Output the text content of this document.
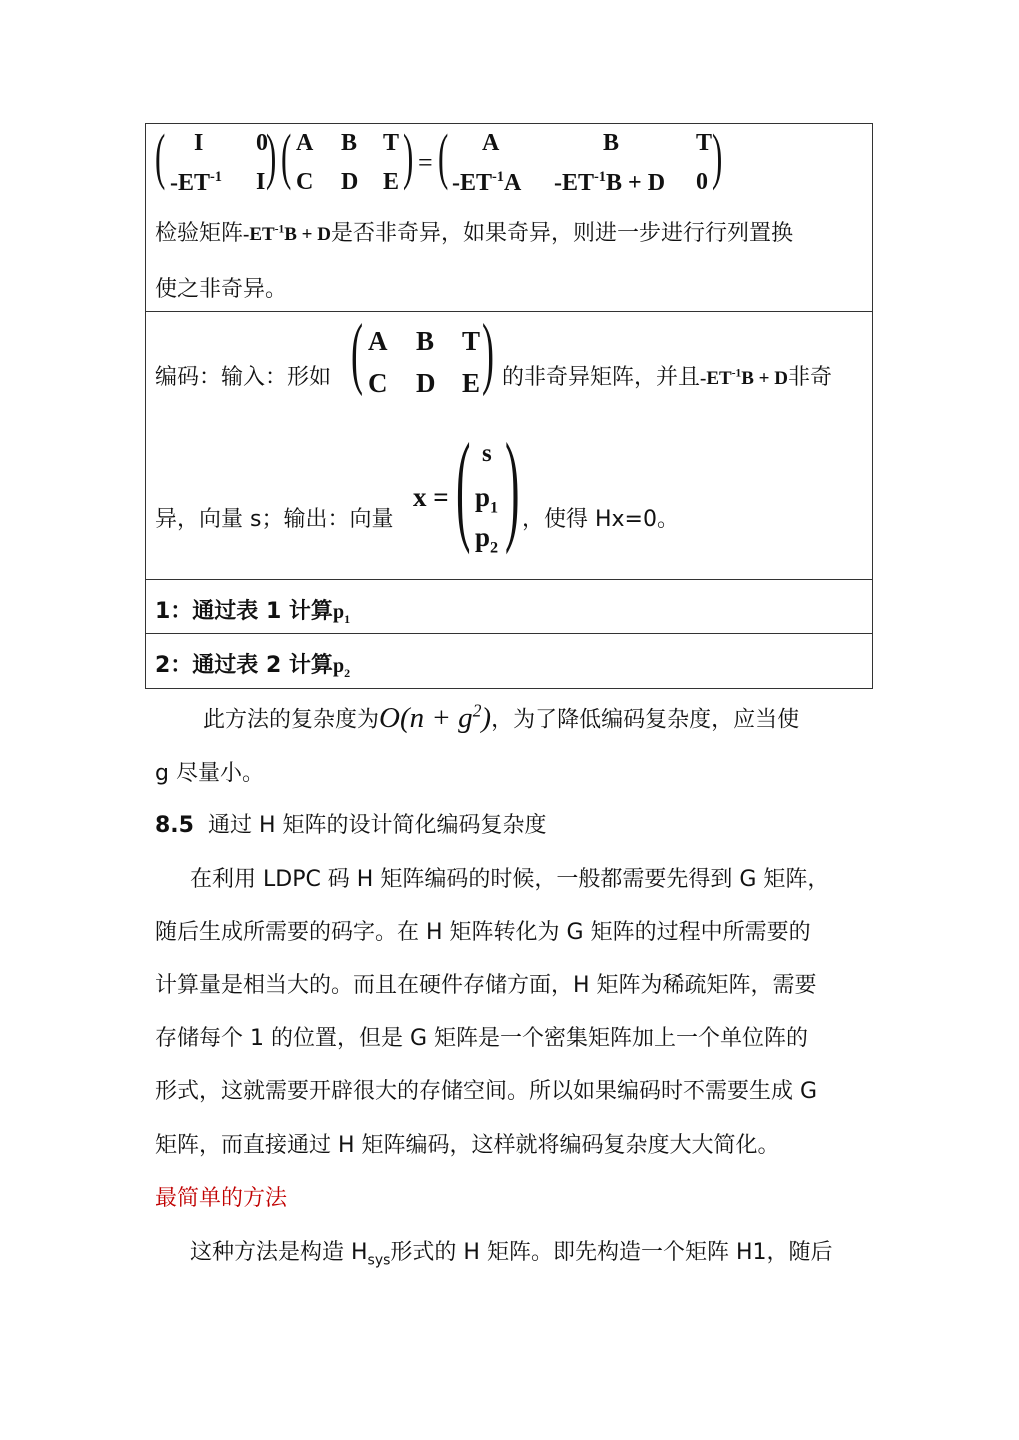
( I 0
$-ET^{-1}$ I ) ( A B T
C D E ) = ( A	B	T
$-ET^{-1}A$ $-ET^{-1}B + D$ 0 )
检验矩阵$-ET^{-1}B + D$是否非奇异，如果奇异，则进一步进行行列置换
使之非奇异。
编码：输入：形如 ( A B T
C D E ) 的非奇异矩阵，并且$-ET^{-1}B + D$非奇
异，向量 s；输出：向量
x = ( s
$p_1$
$p_2$ ) ，使得 Hx=0。
1：通过表 1 计算$p_1$
2：通过表 2 计算$p_2$
此方法的复杂度为$O(n + g^2)$，为了降低编码复杂度，应当使
g 尽量小。
8.5 通过 H 矩阵的设计简化编码复杂度
在利用 LDPC 码 H 矩阵编码的时候，一般都需要先得到 G 矩阵，
随后生成所需要的码字。在 H 矩阵转化为 G 矩阵的过程中所需要的
计算量是相当大的。而且在硬件存储方面，H 矩阵为稀疏矩阵，需要
存储每个 1 的位置，但是 G 矩阵是一个密集矩阵加上一个单位阵的
形式，这就需要开辟很大的存储空间。所以如果编码时不需要生成 G
矩阵，而直接通过 H 矩阵编码，这样就将编码复杂度大大简化。
最简单的方法
这种方法是构造 $H_{sys}$形式的 H 矩阵。即先构造一个矩阵 H1，随后
